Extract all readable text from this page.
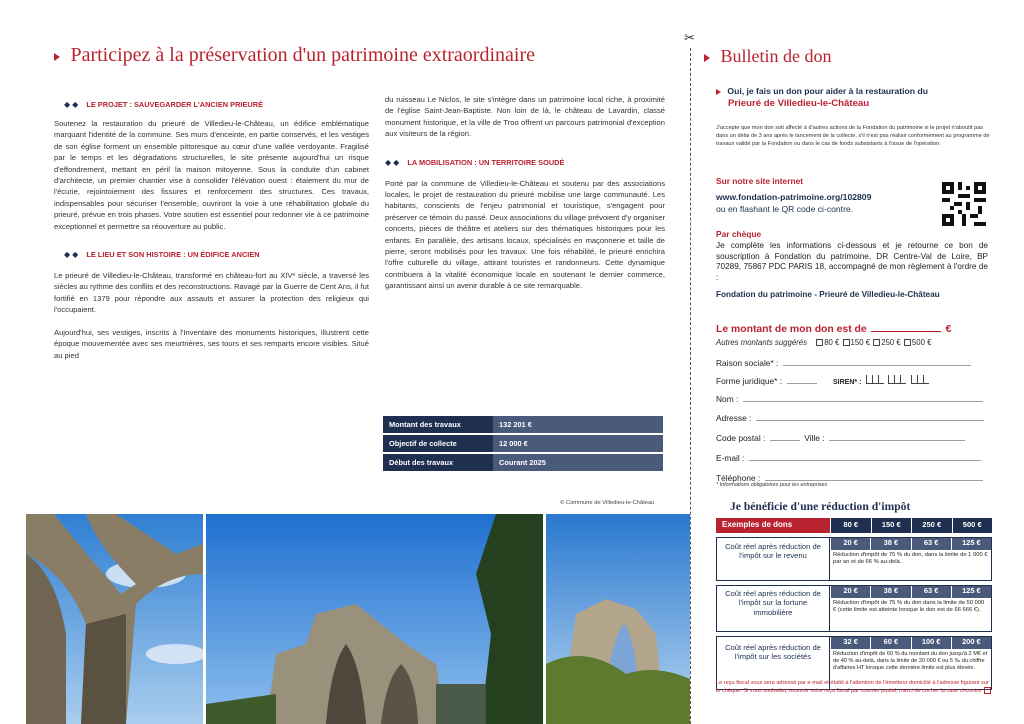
Participez à la préservation d'un patrimoine extraordinaire
◆◆ LE PROJET : SAUVEGARDER L'ANCIEN PRIEURÉ

Soutenez la restauration du prieuré de Villedieu-le-Château, un édifice emblématique marquant l'identité de la commune. Ses murs d'enceinte, en partie conservés, et les vestiges de son église forment un ensemble pittoresque au cœur d'une vallée verdoyante. Fragilisé par le temps et les dégradations structurelles, le site présente aujourd'hui un risque d'effondrement, mettant en péril la maison mitoyenne. Sous la conduite d'un cabinet d'architecte, un premier chantier vise à consolider l'élévation ouest : étaiement du mur de l'écurie, rejointoiement des fissures et renforcement des structures. Ces travaux, indispensables pour sécuriser l'ensemble, ouvriront la voie à une réhabilitation globale du prieuré, prévue en trois phases. Votre soutien est essentiel pour redonner vie à ce patrimoine exceptionnel et permettre sa réouverture au public.

◆◆ LE LIEU ET SON HISTOIRE : UN ÉDIFICE ANCIEN

Le prieuré de Villedieu-le-Château, transformé en château-fort au XIVᵉ siècle, a traversé les siècles au rythme des conflits et des reconstructions. Ravagé par la Guerre de Cent Ans, il fut fortifié en 1379 pour répondre aux assauts et assurer la protection des religieux qui l'occupaient.

Aujourd'hui, ses vestiges, inscrits à l'Inventaire des monuments historiques, illustrent cette époque mouvementée avec ses meurtrières, ses tours et ses remparts encore visibles. Situé au pied

du ruisseau Le Niclos, le site s'intègre dans un patrimoine local riche, à proximité de l'église Saint-Jean-Baptiste. Non loin de là, le château de Lavardin, classé monument historique, et la ville de Troo offrent un parcours patrimonial d'exception aux visiteurs de la région.

◆◆ LA MOBILISATION : UN TERRITOIRE SOUDÉ

Porté par la commune de Villedieu-le-Château et soutenu par des associations locales, le projet de restauration du prieuré mobilise une large communauté. Les habitants, conscients de l'enjeu patrimonial et touristique, s'engagent pour préserver ce témoin du passé. Deux associations du village prévoient d'y organiser concerts, pièces de théâtre et ateliers sur des thématiques historiques pour les enfants. En parallèle, des artisans locaux, spécialisés en maçonnerie et taille de pierre, seront mobilisés pour les travaux. Une fois réhabilité, le prieuré enrichira l'offre culturelle du village, attirant touristes et randonneurs. Cette dynamique contribuera à la vitalité économique locale en soutenant le dernier commerce, garantissant ainsi un avenir durable à ce site remarquable.

Montant des travaux	132 201 €
Objectif de collecte	12 000 €
Début des travaux	Courant 2025
© Commune de Villedieu-le-Château
✂
Bulletin de don
Oui, je fais un don pour aider à la restauration du
Prieuré de Villedieu-le-Château

J'accepte que mon don soit affecté à d'autres actions de la Fondation du patrimoine si le projet n'aboutit pas dans un délai de 3 ans après le lancement de la collecte, s'il n'est pas réalisé conformément au programme de travaux validé par la Fondation ou dans le cas de fonds subsistants à l'issue de l'opération.

Sur notre site internet
www.fondation-patrimoine.org/102809
ou en flashant le QR code ci-contre.
Par chèque

Je complète les informations ci-dessous et je retourne ce bon de souscription à Fondation du patrimoine, DR Centre-Val de Loire, BP 70289, 75867 PDC PARIS 18, accompagné de mon règlement à l'ordre de :

Fondation du patrimoine - Prieuré de Villedieu-le-Château
Le montant de mon don est de	€
Autres montants suggérés 80 € 150 € 250 € 500 €
Raison sociale* :
Forme juridique* :	SIREN* :
Nom :
Adresse :
Code postal :	Ville :
E-mail :
Téléphone :
* Informations obligatoires pour les entreprises
Je bénéficie d'une réduction d'impôt
Exemples de dons	80 €	150 €	250 €	500 €
Coût réel après réduction de l'impôt sur le revenu
20 €	38 €	63 €	125 €
Réduction d'impôt de 75 % du don, dans la limite de 1 000 € par an et de 66 % au-delà.
Coût réel après réduction de l'impôt sur la fortune immobilière
20 €	38 €	63 €	125 €
Réduction d'impôt de 75 % du don dans la limite de 50 000 € (cette limite est atteinte lorsque le don est de 66 666 €).
Coût réel après réduction de l'impôt sur les sociétés
32 €	60 €	100 €	200 €
Réduction d'impôt de 60 % du montant du don jusqu'à 2 M€ et de 40 % au-delà, dans la limite de 20 000 € ou 5 ‰ du chiffre d'affaires HT lorsque cette dernière limite est plus élevée.
Le reçu fiscal vous sera adressé par e-mail et établi à l'attention de l'émetteur domicilié à l'adresse figurant sur le chèque. Si vous souhaitez recevoir votre reçu fiscal par courrier postal, merci de cocher la case ci-contre
